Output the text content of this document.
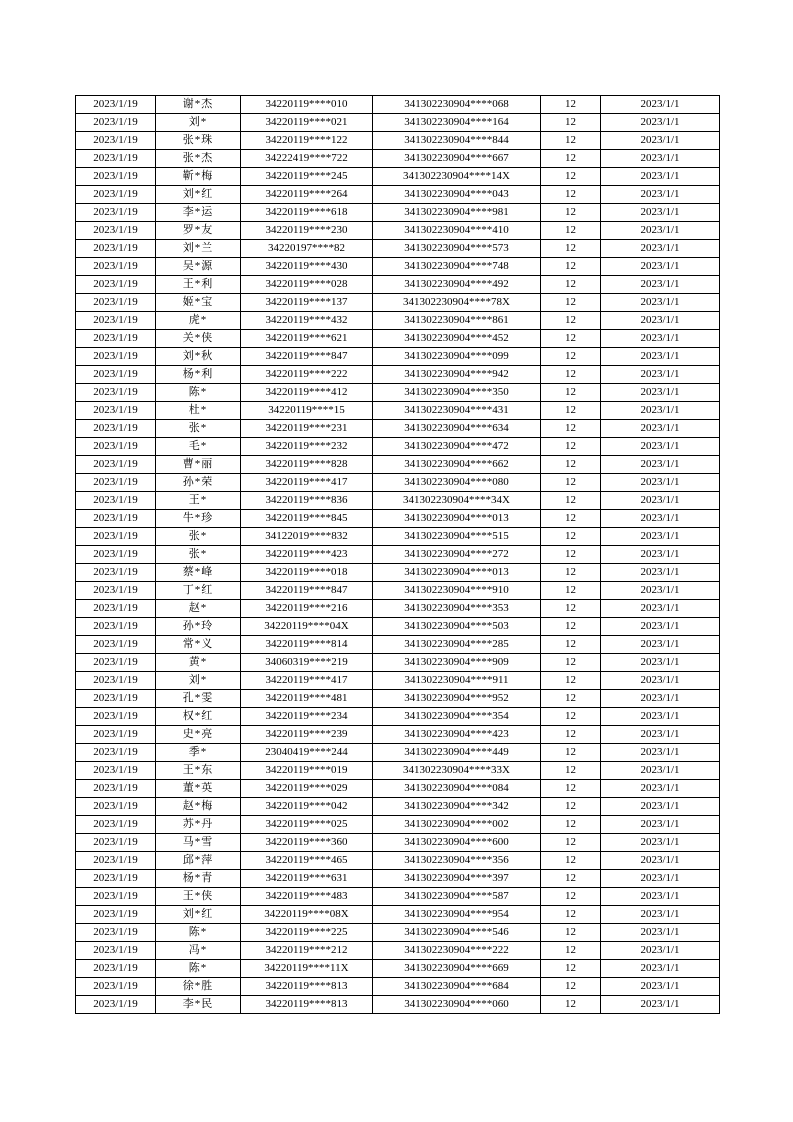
2023/1/19	谢*杰	34220119****010	341302230904****068	12	2023/1/1
2023/1/19	刘*	34220119****021	341302230904****164	12	2023/1/1
2023/1/19	张*珠	34220119****122	341302230904****844	12	2023/1/1
2023/1/19	张*杰	34222419****722	341302230904****667	12	2023/1/1
2023/1/19	靳*梅	34220119****245	341302230904****14X	12	2023/1/1
2023/1/19	刘*红	34220119****264	341302230904****043	12	2023/1/1
2023/1/19	李*运	34220119****618	341302230904****981	12	2023/1/1
2023/1/19	罗*友	34220119****230	341302230904****410	12	2023/1/1
2023/1/19	刘*兰	34220197****82	341302230904****573	12	2023/1/1
2023/1/19	吴*源	34220119****430	341302230904****748	12	2023/1/1
2023/1/19	王*利	34220119****028	341302230904****492	12	2023/1/1
2023/1/19	姬*宝	34220119****137	341302230904****78X	12	2023/1/1
2023/1/19	虎*	34220119****432	341302230904****861	12	2023/1/1
2023/1/19	关*侠	34220119****621	341302230904****452	12	2023/1/1
2023/1/19	刘*秋	34220119****847	341302230904****099	12	2023/1/1
2023/1/19	杨*利	34220119****222	341302230904****942	12	2023/1/1
2023/1/19	陈*	34220119****412	341302230904****350	12	2023/1/1
2023/1/19	杜*	34220119****15	341302230904****431	12	2023/1/1
2023/1/19	张*	34220119****231	341302230904****634	12	2023/1/1
2023/1/19	毛*	34220119****232	341302230904****472	12	2023/1/1
2023/1/19	曹*丽	34220119****828	341302230904****662	12	2023/1/1
2023/1/19	孙*荣	34220119****417	341302230904****080	12	2023/1/1
2023/1/19	王*	34220119****836	341302230904****34X	12	2023/1/1
2023/1/19	牛*珍	34220119****845	341302230904****013	12	2023/1/1
2023/1/19	张*	34122019****832	341302230904****515	12	2023/1/1
2023/1/19	张*	34220119****423	341302230904****272	12	2023/1/1
2023/1/19	蔡*峰	34220119****018	341302230904****013	12	2023/1/1
2023/1/19	丁*红	34220119****847	341302230904****910	12	2023/1/1
2023/1/19	赵*	34220119****216	341302230904****353	12	2023/1/1
2023/1/19	孙*玲	34220119****04X	341302230904****503	12	2023/1/1
2023/1/19	常*义	34220119****814	341302230904****285	12	2023/1/1
2023/1/19	黄*	34060319****219	341302230904****909	12	2023/1/1
2023/1/19	刘*	34220119****417	341302230904****911	12	2023/1/1
2023/1/19	孔*雯	34220119****481	341302230904****952	12	2023/1/1
2023/1/19	权*红	34220119****234	341302230904****354	12	2023/1/1
2023/1/19	史*亮	34220119****239	341302230904****423	12	2023/1/1
2023/1/19	季*	23040419****244	341302230904****449	12	2023/1/1
2023/1/19	王*东	34220119****019	341302230904****33X	12	2023/1/1
2023/1/19	董*英	34220119****029	341302230904****084	12	2023/1/1
2023/1/19	赵*梅	34220119****042	341302230904****342	12	2023/1/1
2023/1/19	苏*丹	34220119****025	341302230904****002	12	2023/1/1
2023/1/19	马*雪	34220119****360	341302230904****600	12	2023/1/1
2023/1/19	邱*萍	34220119****465	341302230904****356	12	2023/1/1
2023/1/19	杨*青	34220119****631	341302230904****397	12	2023/1/1
2023/1/19	王*侠	34220119****483	341302230904****587	12	2023/1/1
2023/1/19	刘*红	34220119****08X	341302230904****954	12	2023/1/1
2023/1/19	陈*	34220119****225	341302230904****546	12	2023/1/1
2023/1/19	冯*	34220119****212	341302230904****222	12	2023/1/1
2023/1/19	陈*	34220119****11X	341302230904****669	12	2023/1/1
2023/1/19	徐*胜	34220119****813	341302230904****684	12	2023/1/1
2023/1/19	李*民	34220119****813	341302230904****060	12	2023/1/1
